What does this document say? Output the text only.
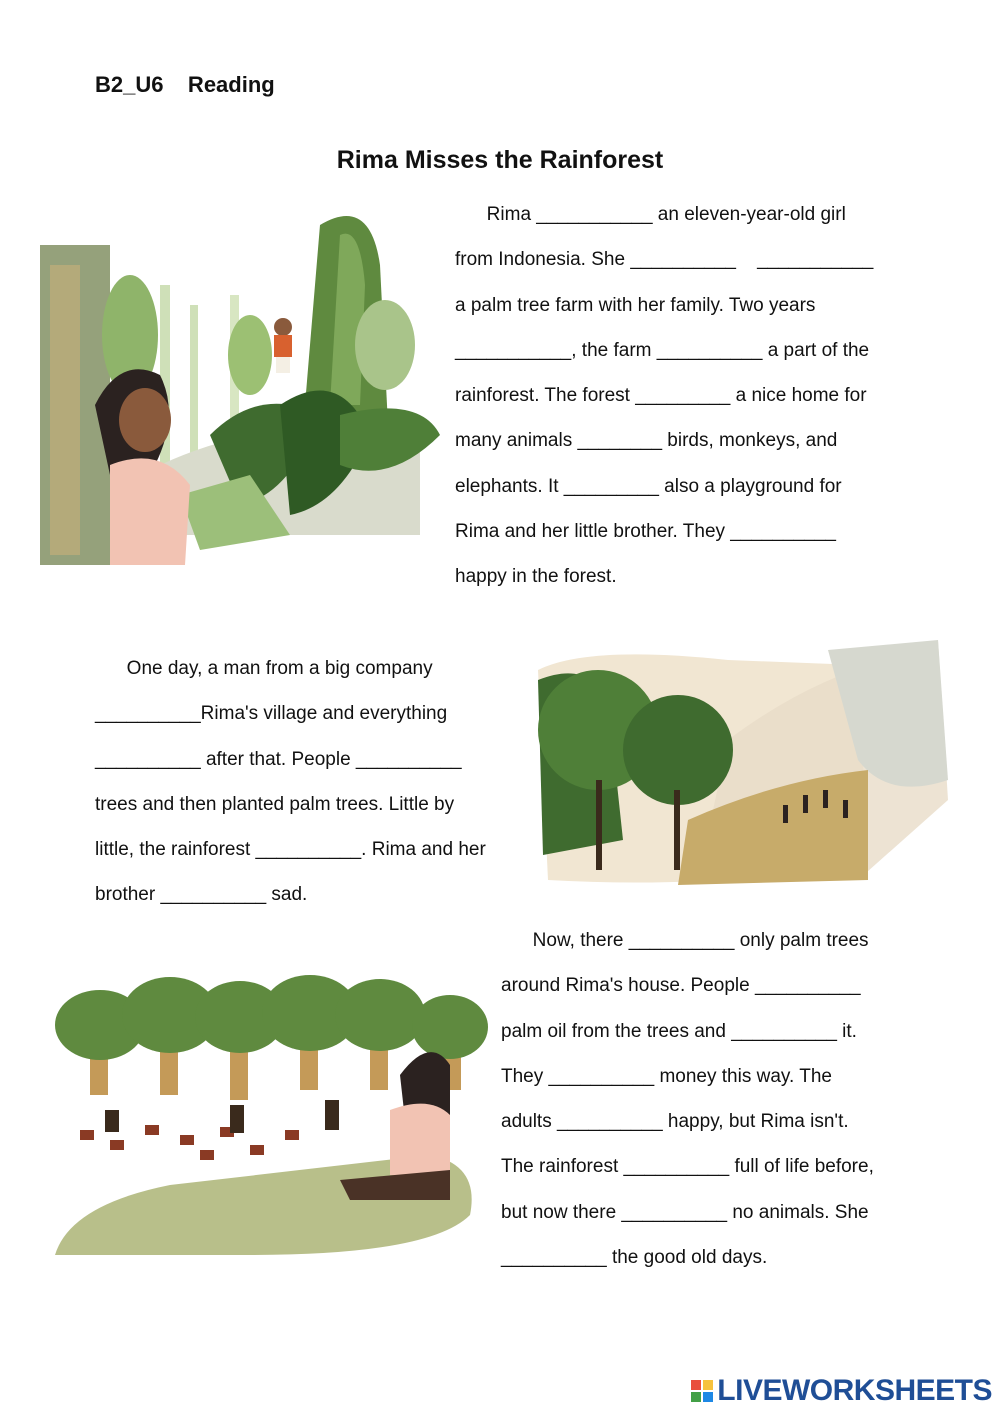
B2_U6    Reading
Rima Misses the Rainforest
Rima ___________ an eleven-year-old girl
from Indonesia. She __________    ___________
a palm tree farm with her family. Two years
___________, the farm __________ a part of the
rainforest. The forest _________ a nice home for
many animals ________ birds, monkeys, and
elephants. It _________ also a playground for
Rima and her little brother. They __________
happy in the forest.
One day, a man from a big company
__________Rima's village and everything
__________ after that. People __________
trees and then planted palm trees. Little by
little, the rainforest __________. Rima and her
brother __________ sad.
Now, there __________ only palm trees
around Rima's house. People __________
palm oil from the trees and __________ it.
They __________ money this way. The
adults __________ happy, but Rima isn't.
The rainforest __________ full of life before,
but now there __________ no animals. She
__________ the good old days.
LIVEWORKSHEETS
